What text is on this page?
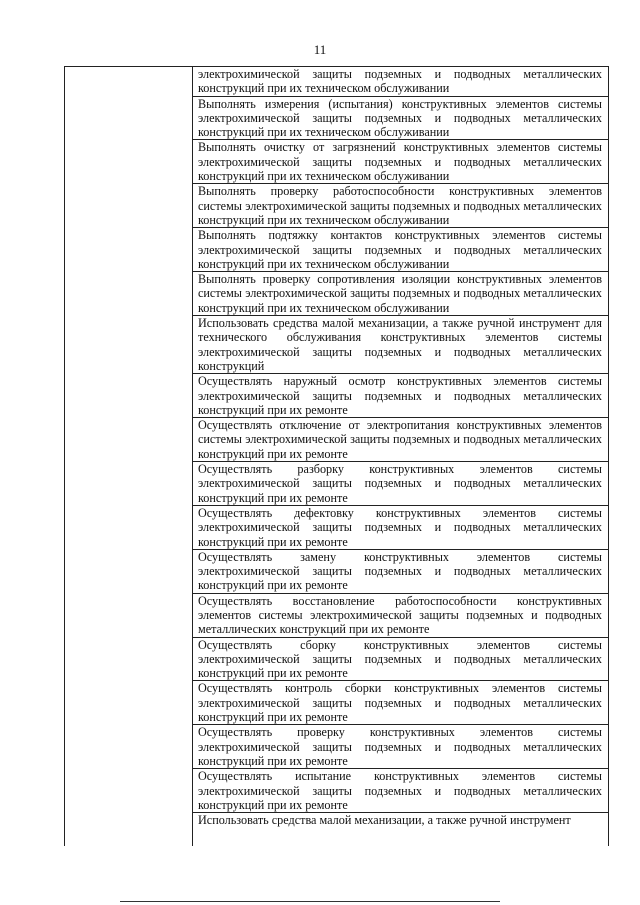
11
электрохимической защиты подземных и подводных металлических конструкций при их техническом обслуживании
Выполнять измерения (испытания) конструктивных элементов системы электрохимической защиты подземных и подводных металлических конструкций при их техническом обслуживании
Выполнять очистку от загрязнений конструктивных элементов системы электрохимической защиты подземных и подводных металлических конструкций при их техническом обслуживании
Выполнять проверку работоспособности конструктивных элементов системы электрохимической защиты подземных и подводных металлических конструкций при их техническом обслуживании
Выполнять подтяжку контактов конструктивных элементов системы электрохимической защиты подземных и подводных металлических конструкций при их техническом обслуживании
Выполнять проверку сопротивления изоляции конструктивных элементов системы электрохимической защиты подземных и подводных металлических конструкций при их техническом обслуживании
Использовать средства малой механизации, а также ручной инструмент для технического обслуживания конструктивных элементов системы электрохимической защиты подземных и подводных металлических конструкций
Осуществлять наружный осмотр конструктивных элементов системы электрохимической защиты подземных и подводных металлических конструкций при их ремонте
Осуществлять отключение от электропитания конструктивных элементов системы электрохимической защиты подземных и подводных металлических конструкций при их ремонте
Осуществлять разборку конструктивных элементов системы электрохимической защиты подземных и подводных металлических конструкций при их ремонте
Осуществлять дефектовку конструктивных элементов системы электрохимической защиты подземных и подводных металлических конструкций при их ремонте
Осуществлять замену конструктивных элементов системы электрохимической защиты подземных и подводных металлических конструкций при их ремонте
Осуществлять восстановление работоспособности конструктивных элементов системы электрохимической защиты подземных и подводных металлических конструкций при их ремонте
Осуществлять сборку конструктивных элементов системы электрохимической защиты подземных и подводных металлических конструкций при их ремонте
Осуществлять контроль сборки конструктивных элементов системы электрохимической защиты подземных и подводных металлических конструкций при их ремонте
Осуществлять проверку конструктивных элементов системы электрохимической защиты подземных и подводных металлических конструкций при их ремонте
Осуществлять испытание конструктивных элементов системы электрохимической защиты подземных и подводных металлических конструкций при их ремонте
Использовать средства малой механизации, а также ручной инструмент
